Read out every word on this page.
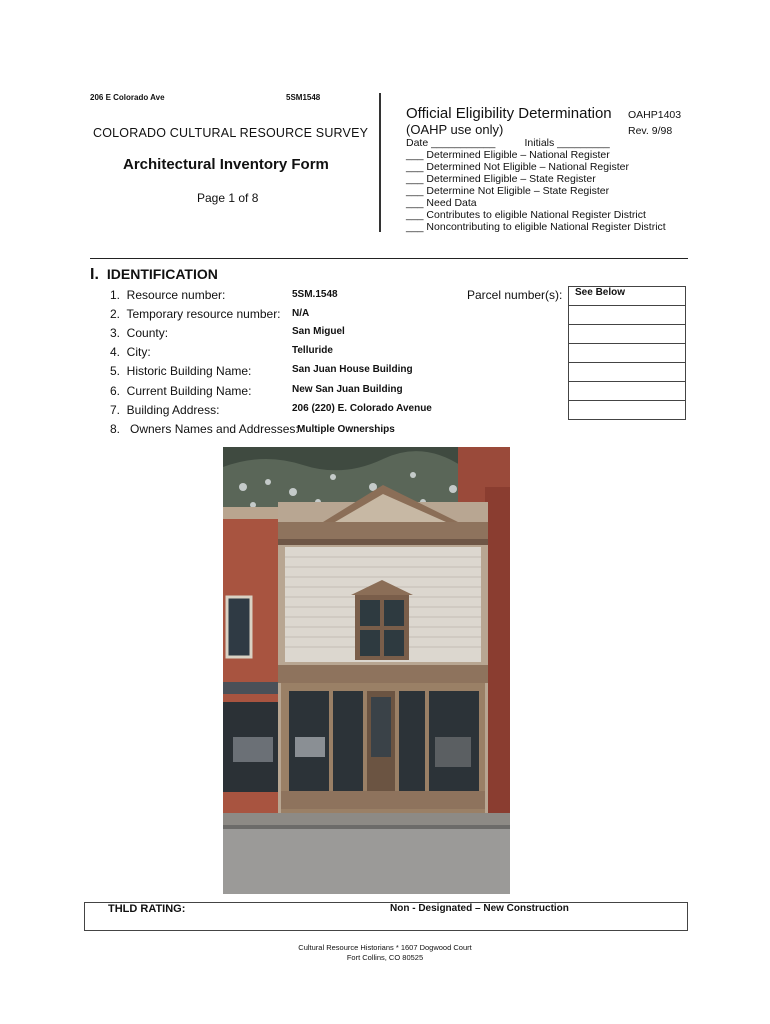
206 E Colorado Ave	5SM1548
COLORADO CULTURAL RESOURCE SURVEY
Architectural Inventory Form
Page 1 of 8
Official Eligibility Determination
(OAHP use only)
OAHP1403
Rev. 9/98
Date ___________          Initials _________
___ Determined Eligible – National Register
___ Determined Not Eligible – National Register
___ Determined Eligible – State Register
___ Determine Not Eligible – State Register
___ Need Data
___ Contributes to eligible National Register District
___ Noncontributing to eligible National Register District
I. IDENTIFICATION
1.  Resource number:	5SM.1548
2.  Temporary resource number: N/A
3.  County:	San Miguel
4.  City:	Telluride
5.  Historic Building Name:	San Juan House Building
6.  Current Building Name:	New San Juan Building
7.  Building Address:	206 (220) E. Colorado Avenue
8.   Owners Names and Addresses:
Multiple Ownerships
Parcel number(s): See Below

THLD RATING:	Non - Designated – New Construction
Cultural Resource Historians * 1607 Dogwood Court
Fort Collins, CO 80525
